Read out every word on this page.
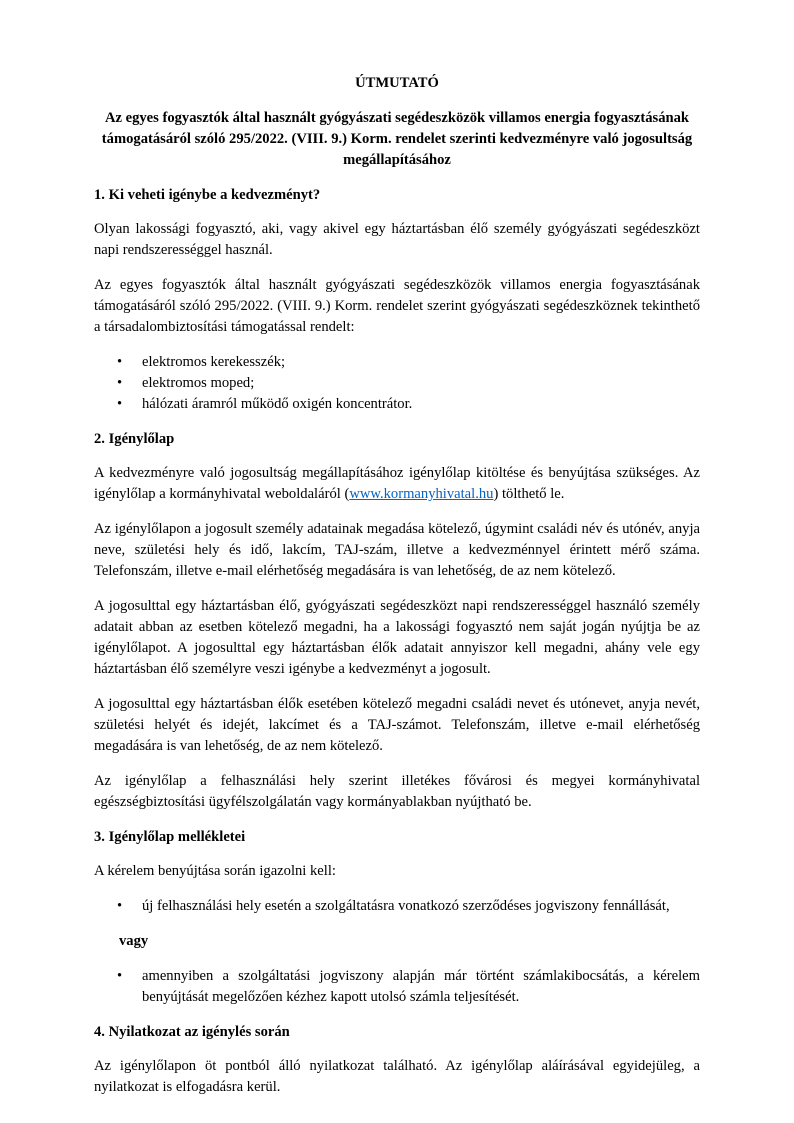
ÚTMUTATÓ
Az egyes fogyasztók által használt gyógyászati segédeszközök villamos energia fogyasztásának támogatásáról szóló 295/2022. (VIII. 9.) Korm. rendelet szerinti kedvezményre való jogosultság megállapításához
1. Ki veheti igénybe a kedvezményt?

Olyan lakossági fogyasztó, aki, vagy akivel egy háztartásban élő személy gyógyászati segédeszközt napi rendszerességgel használ.

Az egyes fogyasztók által használt gyógyászati segédeszközök villamos energia fogyasztásának támogatásáról szóló 295/2022. (VIII. 9.) Korm. rendelet szerint gyógyászati segédeszköznek tekinthető a társadalombiztosítási támogatással rendelt:

• elektromos kerekesszék;
• elektromos moped;
• hálózati áramról működő oxigén koncentrátor.
2. Igénylőlap

A kedvezményre való jogosultság megállapításához igénylőlap kitöltése és benyújtása szükséges. Az igénylőlap a kormányhivatal weboldaláról (www.kormanyhivatal.hu) tölthető le.

Az igénylőlapon a jogosult személy adatainak megadása kötelező, úgymint családi név és utónév, anyja neve, születési hely és idő, lakcím, TAJ-szám, illetve a kedvezménnyel érintett mérő száma. Telefonszám, illetve e-mail elérhetőség megadására is van lehetőség, de az nem kötelező.

A jogosulttal egy háztartásban élő, gyógyászati segédeszközt napi rendszerességgel használó személy adatait abban az esetben kötelező megadni, ha a lakossági fogyasztó nem saját jogán nyújtja be az igénylőlapot. A jogosulttal egy háztartásban élők adatait annyiszor kell megadni, ahány vele egy háztartásban élő személyre veszi igénybe a kedvezményt a jogosult.

A jogosulttal egy háztartásban élők esetében kötelező megadni családi nevet és utónevet, anyja nevét, születési helyét és idejét, lakcímet és a TAJ-számot. Telefonszám, illetve e-mail elérhetőség megadására is van lehetőség, de az nem kötelező.

Az igénylőlap a felhasználási hely szerint illetékes fővárosi és megyei kormányhivatal egészségbiztosítási ügyfélszolgálatán vagy kormányablakban nyújtható be.

3. Igénylőlap mellékletei

A kérelem benyújtása során igazolni kell:

• új felhasználási hely esetén a szolgáltatásra vonatkozó szerződéses jogviszony fennállását,
vagy
• amennyiben a szolgáltatási jogviszony alapján már történt számlakibocsátás, a kérelem benyújtását megelőzően kézhez kapott utolsó számla teljesítését.
4. Nyilatkozat az igénylés során

Az igénylőlapon öt pontból álló nyilatkozat található. Az igénylőlap aláírásával egyidejüleg, a nyilatkozat is elfogadásra kerül.
